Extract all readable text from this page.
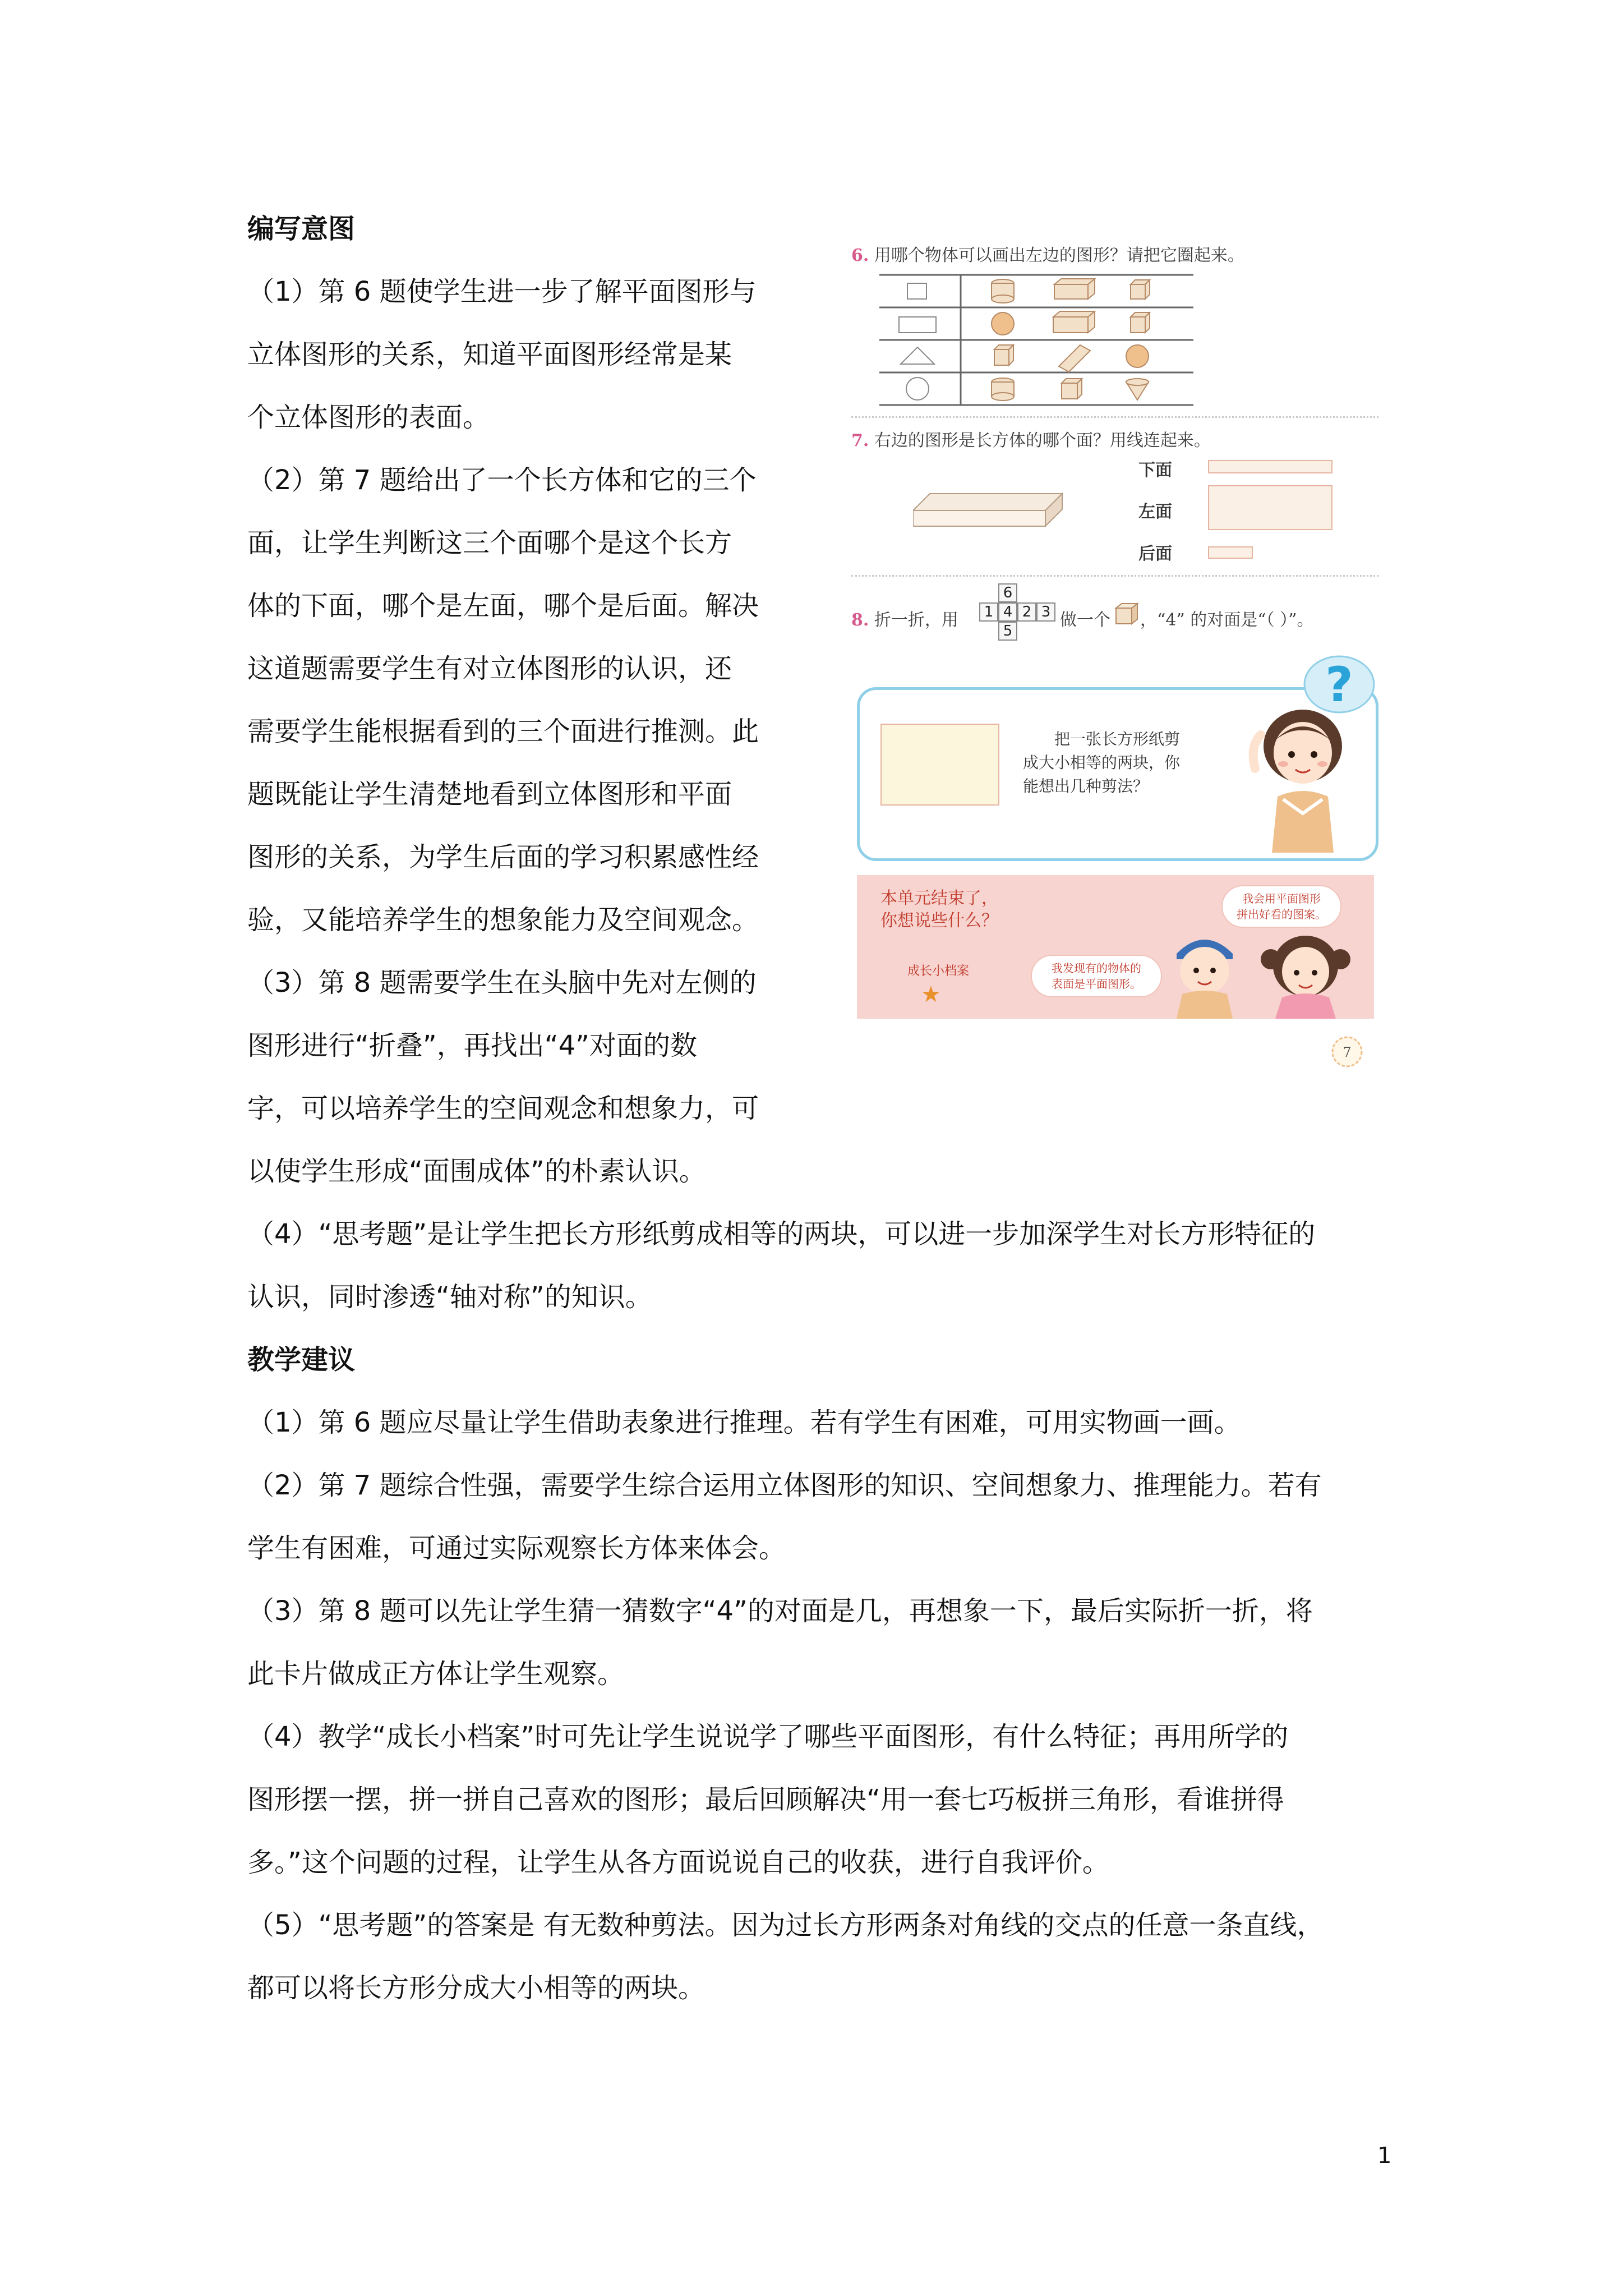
编写意图
（1）第 6 题使学生进一步了解平面图形与
立体图形的关系，知道平面图形经常是某
个立体图形的表面。
（2）第 7 题给出了一个长方体和它的三个
面，让学生判断这三个面哪个是这个长方
体的下面，哪个是左面，哪个是后面。解决
这道题需要学生有对立体图形的认识，还
需要学生能根据看到的三个面进行推测。此
题既能让学生清楚地看到立体图形和平面
图形的关系，为学生后面的学习积累感性经
验，又能培养学生的想象能力及空间观念。
（3）第 8 题需要学生在头脑中先对左侧的
图形进行“折叠”，再找出“4”对面的数
字，可以培养学生的空间观念和想象力，可
以使学生形成“面围成体”的朴素认识。
（4）“思考题”是让学生把长方形纸剪成相等的两块，可以进一步加深学生对长方形特征的
认识，同时渗透“轴对称”的知识。
教学建议
（1）第 6 题应尽量让学生借助表象进行推理。若有学生有困难，可用实物画一画。
（2）第 7 题综合性强，需要学生综合运用立体图形的知识、空间想象力、推理能力。若有
学生有困难，可通过实际观察长方体来体会。
（3）第 8 题可以先让学生猜一猜数字“4”的对面是几，再想象一下，最后实际折一折，将
此卡片做成正方体让学生观察。
（4）教学“成长小档案”时可先让学生说说学了哪些平面图形，有什么特征；再用所学的
图形摆一摆，拼一拼自己喜欢的图形；最后回顾解决“用一套七巧板拼三角形，看谁拼得
多。”这个问题的过程，让学生从各方面说说自己的收获，进行自我评价。
（5）“思考题”的答案是 有无数种剪法。因为过长方形两条对角线的交点的任意一条直线，
都可以将长方形分成大小相等的两块。
1
6. 用哪个物体可以画出左边的图形？请把它圈起来。
7. 右边的图形是长方体的哪个面？用线连起来。
下面
左面
后面
8. 折一折，用
6
1 4 2 3
5
做一个 ，“4” 的对面是“（ ）”。
?
把一张长方形纸剪
成大小相等的两块，你
能想出几种剪法？
本单元结束了，
你想说些什么？
成长小档案
★
我会用平面图形
拼出好看的图案。
我发现有的物体的
表面是平面图形。
7
